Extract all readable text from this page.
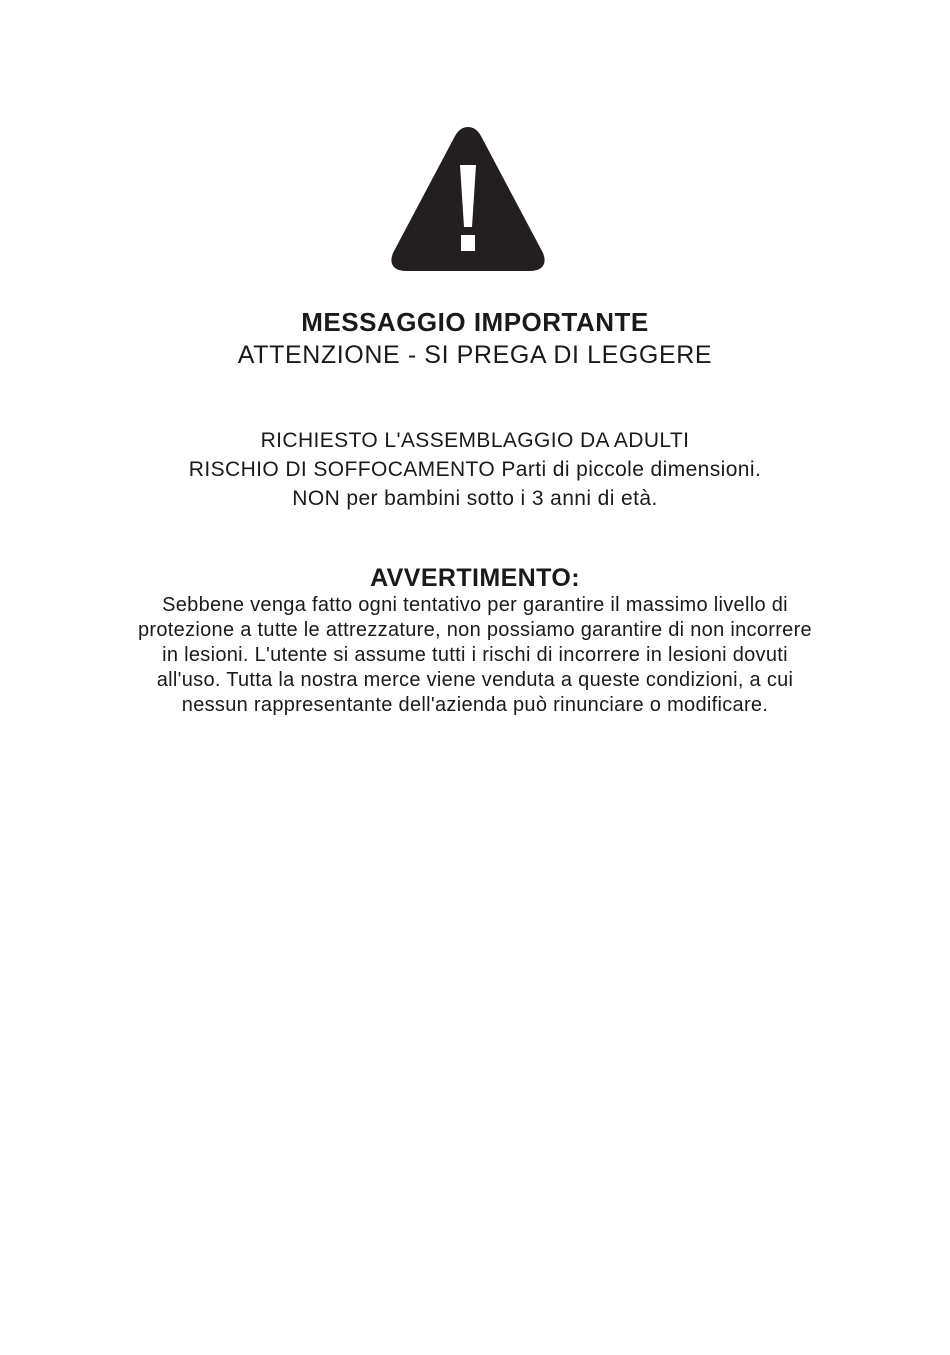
MESSAGGIO IMPORTANTE
ATTENZIONE - SI PREGA DI LEGGERE
RICHIESTO L'ASSEMBLAGGIO DA ADULTI
RISCHIO DI SOFFOCAMENTO Parti di piccole dimensioni.
NON per bambini sotto i 3 anni di età.
AVVERTIMENTO:
Sebbene venga fatto ogni tentativo per garantire il massimo livello di
protezione a tutte le attrezzature, non possiamo garantire di non incorrere
in lesioni. L'utente si assume tutti i rischi di incorrere in lesioni dovuti
all'uso. Tutta la nostra merce viene venduta a queste condizioni, a cui
nessun rappresentante dell'azienda può rinunciare o modificare.
